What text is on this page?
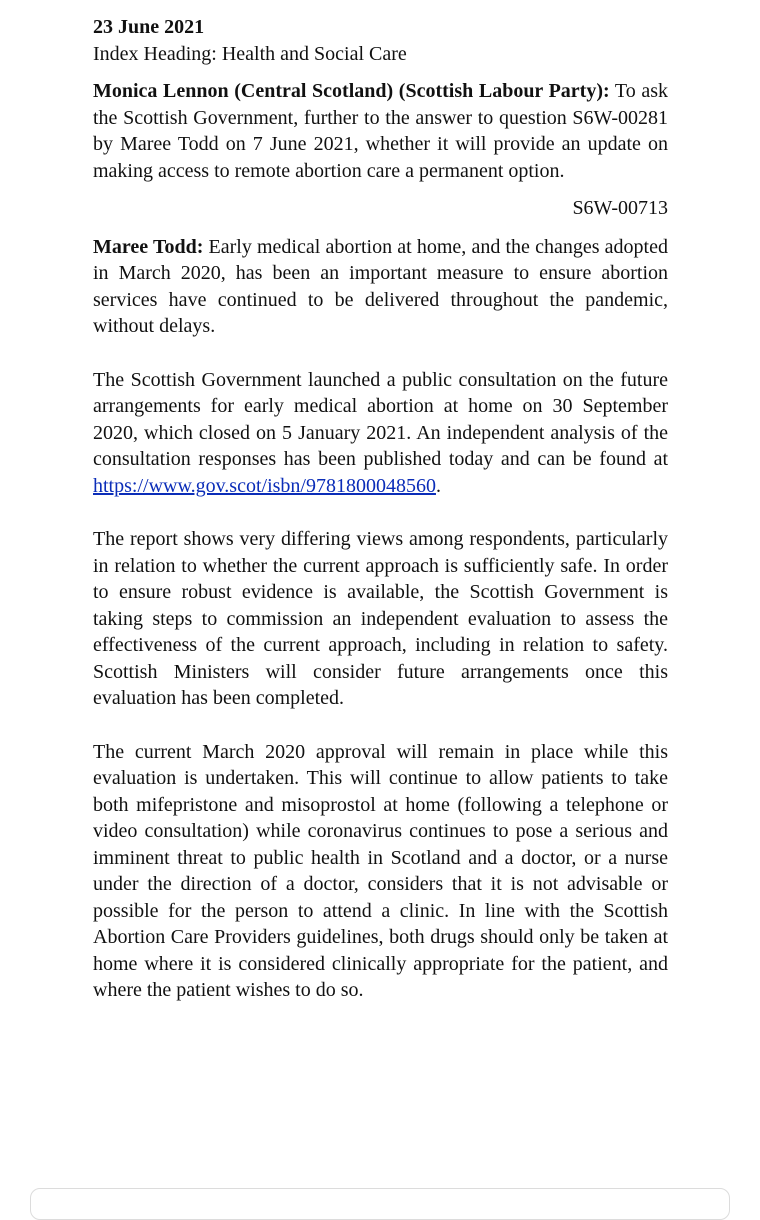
23 June 2021
Index Heading: Health and Social Care

Monica Lennon (Central Scotland) (Scottish Labour Party): To ask the Scottish Government, further to the answer to question S6W-00281 by Maree Todd on 7 June 2021, whether it will provide an update on making access to remote abortion care a permanent option.

S6W-00713

Maree Todd: Early medical abortion at home, and the changes adopted in March 2020, has been an important measure to ensure abortion services have continued to be delivered throughout the pandemic, without delays.

The Scottish Government launched a public consultation on the future arrangements for early medical abortion at home on 30 September 2020, which closed on 5 January 2021. An independent analysis of the consultation responses has been published today and can be found at https://www.gov.scot/isbn/9781800048560.

The report shows very differing views among respondents, particularly in relation to whether the current approach is sufficiently safe. In order to ensure robust evidence is available, the Scottish Government is taking steps to commission an independent evaluation to assess the effectiveness of the current approach, including in relation to safety. Scottish Ministers will consider future arrangements once this evaluation has been completed.

The current March 2020 approval will remain in place while this evaluation is undertaken. This will continue to allow patients to take both mifepristone and misoprostol at home (following a telephone or video consultation) while coronavirus continues to pose a serious and imminent threat to public health in Scotland and a doctor, or a nurse under the direction of a doctor, considers that it is not advisable or possible for the person to attend a clinic. In line with the Scottish Abortion Care Providers guidelines, both drugs should only be taken at home where it is considered clinically appropriate for the patient, and where the patient wishes to do so.
